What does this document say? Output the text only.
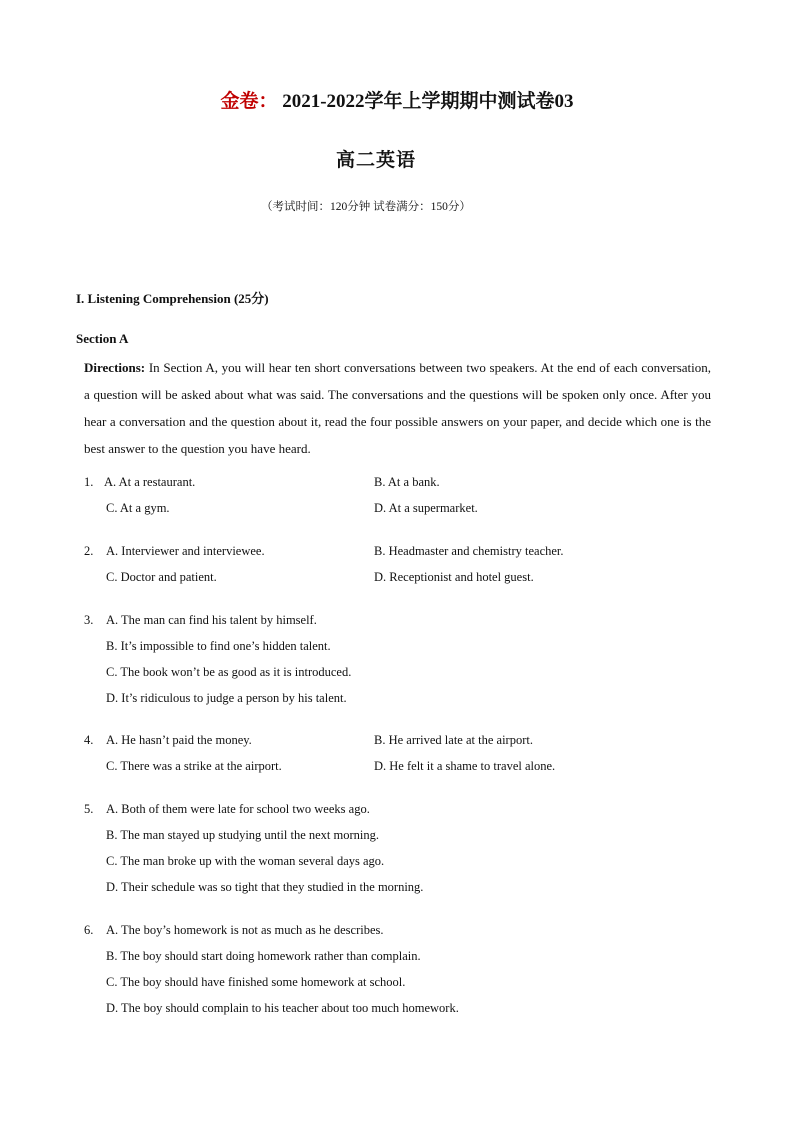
金卷： 2021-2022学年上学期期中测试卷03
高二英语
（考试时间：120分钟 试卷满分：150分）
I. Listening Comprehension (25分)
Section A
Directions: In Section A, you will hear ten short conversations between two speakers. At the end of each conversation, a question will be asked about what was said. The conversations and the questions will be spoken only once. After you hear a conversation and the question about it, read the four possible answers on your paper, and decide which one is the best answer to the question you have heard.
1. A. At a restaurant.	B. At a bank.
C. At a gym.	D. At a supermarket.
2. A. Interviewer and interviewee.	B. Headmaster and chemistry teacher.
C. Doctor and patient.	D. Receptionist and hotel guest.
3. A. The man can find his talent by himself.
B. It’s impossible to find one’s hidden talent.
C. The book won’t be as good as it is introduced.
D. It’s ridiculous to judge a person by his talent.
4. A. He hasn’t paid the money.	B. He arrived late at the airport.
C. There was a strike at the airport.	D. He felt it a shame to travel alone.
5. A. Both of them were late for school two weeks ago.
B. The man stayed up studying until the next morning.
C. The man broke up with the woman several days ago.
D. Their schedule was so tight that they studied in the morning.
6. A. The boy’s homework is not as much as he describes.
B. The boy should start doing homework rather than complain.
C. The boy should have finished some homework at school.
D. The boy should complain to his teacher about too much homework.
